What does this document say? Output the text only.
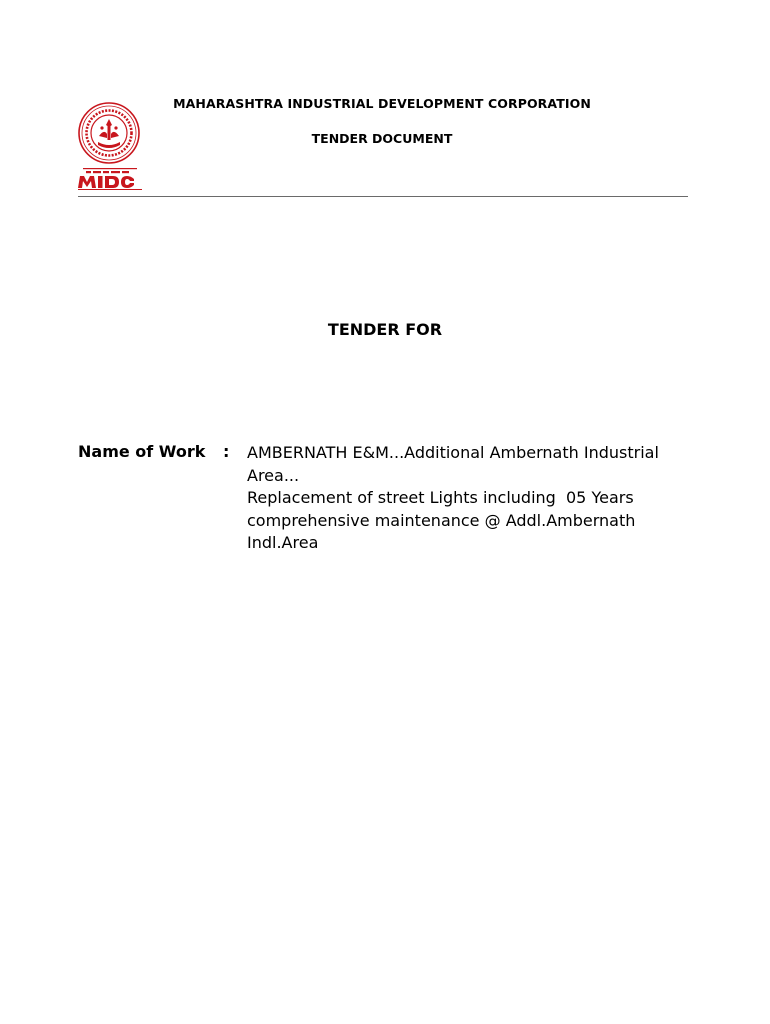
MAHARASHTRA INDUSTRIAL DEVELOPMENT CORPORATION
TENDER DOCUMENT
TENDER FOR
Name of Work : AMBERNATH E&M...Additional Ambernath Industrial
Area...
Replacement of street Lights including  05 Years
comprehensive maintenance @ Addl.Ambernath
Indl.Area
